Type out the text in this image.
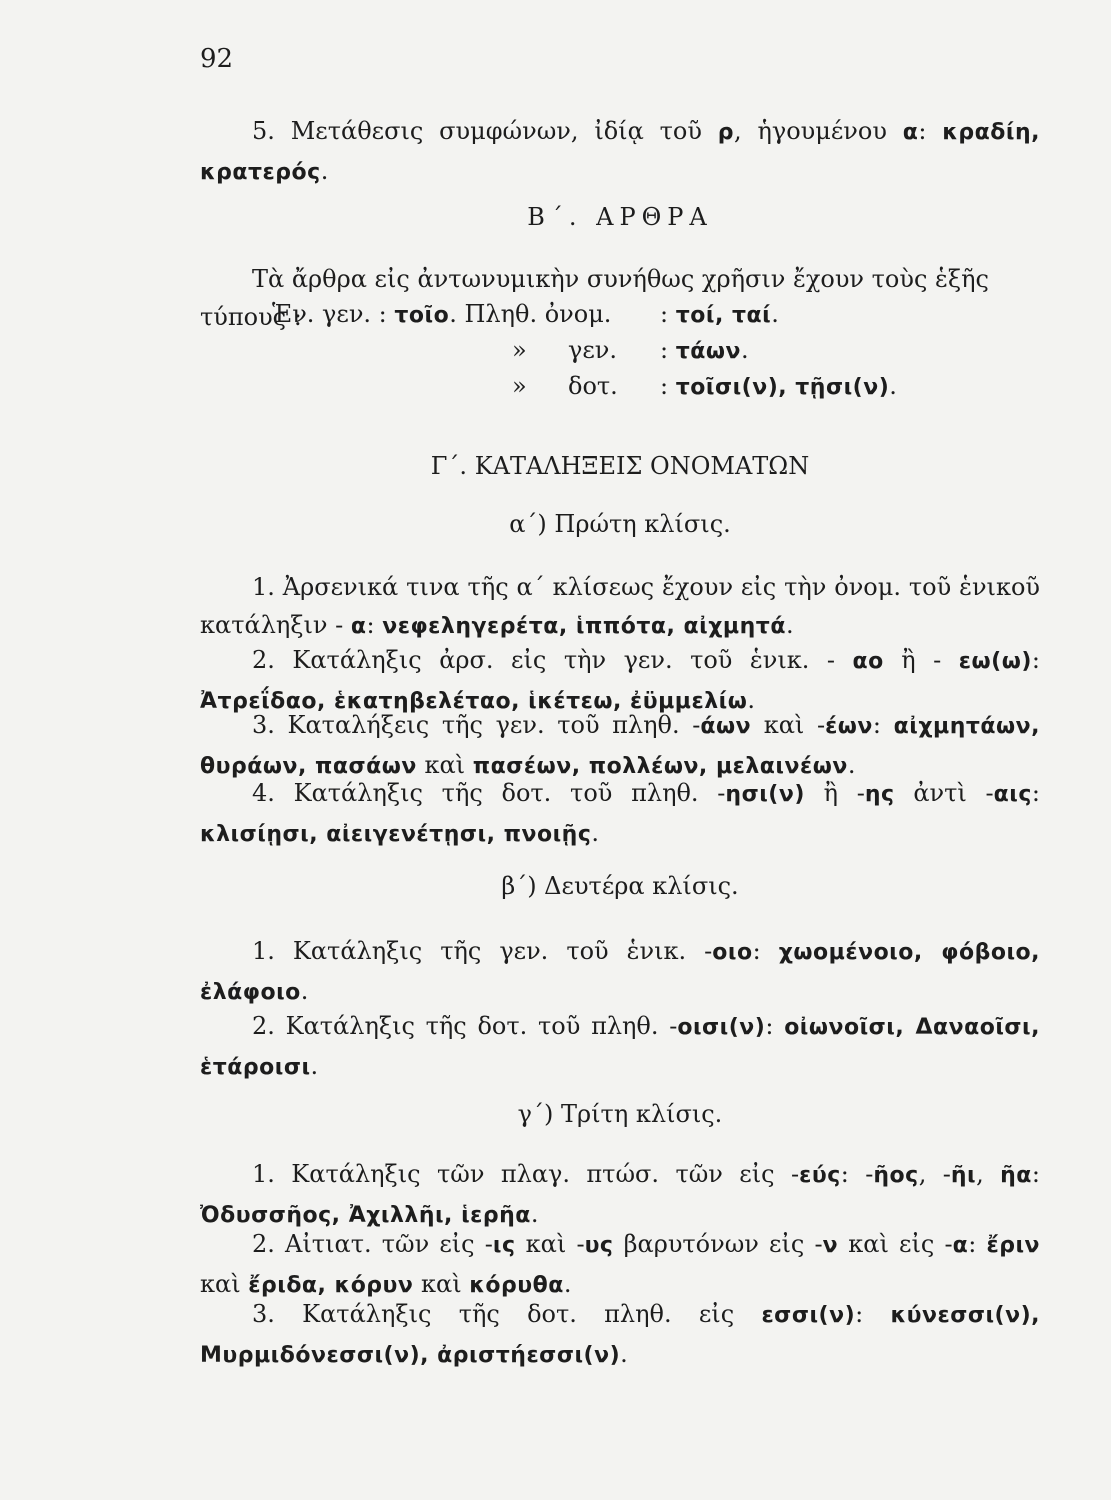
92
5. Μετάθεσις συμφώνων, ἰδίᾳ τοῦ ρ, ἡγουμένου α: κραδίη, κρατερός.
Β΄. ΑΡΘΡΑ
Τὰ ἄρθρα εἰς ἀντωνυμικὴν συνήθως χρῆσιν ἔχουν τοὺς ἑξῆς τύπους :
Ἑν. γεν. : τοῖο. Πληθ. ὀνομ. : τοί, ταί.
» γεν. : τάων.
» δοτ. : τοῖσι(ν), τῇσι(ν).
Γ΄. ΚΑΤΑΛΗΞΕΙΣ ΟΝΟΜΑΤΩΝ
α΄) Πρώτη κλίσις.
1. Ἀρσενικά τινα τῆς α΄ κλίσεως ἔχουν εἰς τὴν ὀνομ. τοῦ ἑνικοῦ κατάληξιν - α: νεφεληγερέτα, ἱππότα, αἰχμητά.
2. Κατάληξις ἀρσ. εἰς τὴν γεν. τοῦ ἑνικ. - αο ἢ - εω(ω): Ἀτρεΐδαο, ἑκατηβελέταο, ἱκέτεω, ἐϋμμελίω.
3. Καταλήξεις τῆς γεν. τοῦ πληθ. -άων καὶ -έων: αἰχμητάων, θυράων, πασάων καὶ πασέων, πολλέων, μελαινέων.
4. Κατάληξις τῆς δοτ. τοῦ πληθ. -ησι(ν) ἢ -ης ἀντὶ -αις: κλισίῃσι, αἰειγενέτῃσι, πνοιῇς.
β΄) Δευτέρα κλίσις.
1. Κατάληξις τῆς γεν. τοῦ ἑνικ. -οιο: χωομένοιο, φόβοιο, ἐλάφοιο.
2. Κατάληξις τῆς δοτ. τοῦ πληθ. -οισι(ν): οἰωνοῖσι, Δαναοῖσι, ἑτάροισι.
γ΄) Τρίτη κλίσις.
1. Κατάληξις τῶν πλαγ. πτώσ. τῶν εἰς -εύς: -ῆος, -ῆι, ῆα: Ὀδυσσῆος, Ἀχιλλῆι, ἱερῆα.
2. Αἰτιατ. τῶν εἰς -ις καὶ -υς βαρυτόνων εἰς -ν καὶ εἰς -α: ἔριν καὶ ἔριδα, κόρυν καὶ κόρυθα.
3. Κατάληξις τῆς δοτ. πληθ. εἰς εσσι(ν): κύνεσσι(ν), Μυρμιδόνεσσι(ν), ἀριστήεσσι(ν).
